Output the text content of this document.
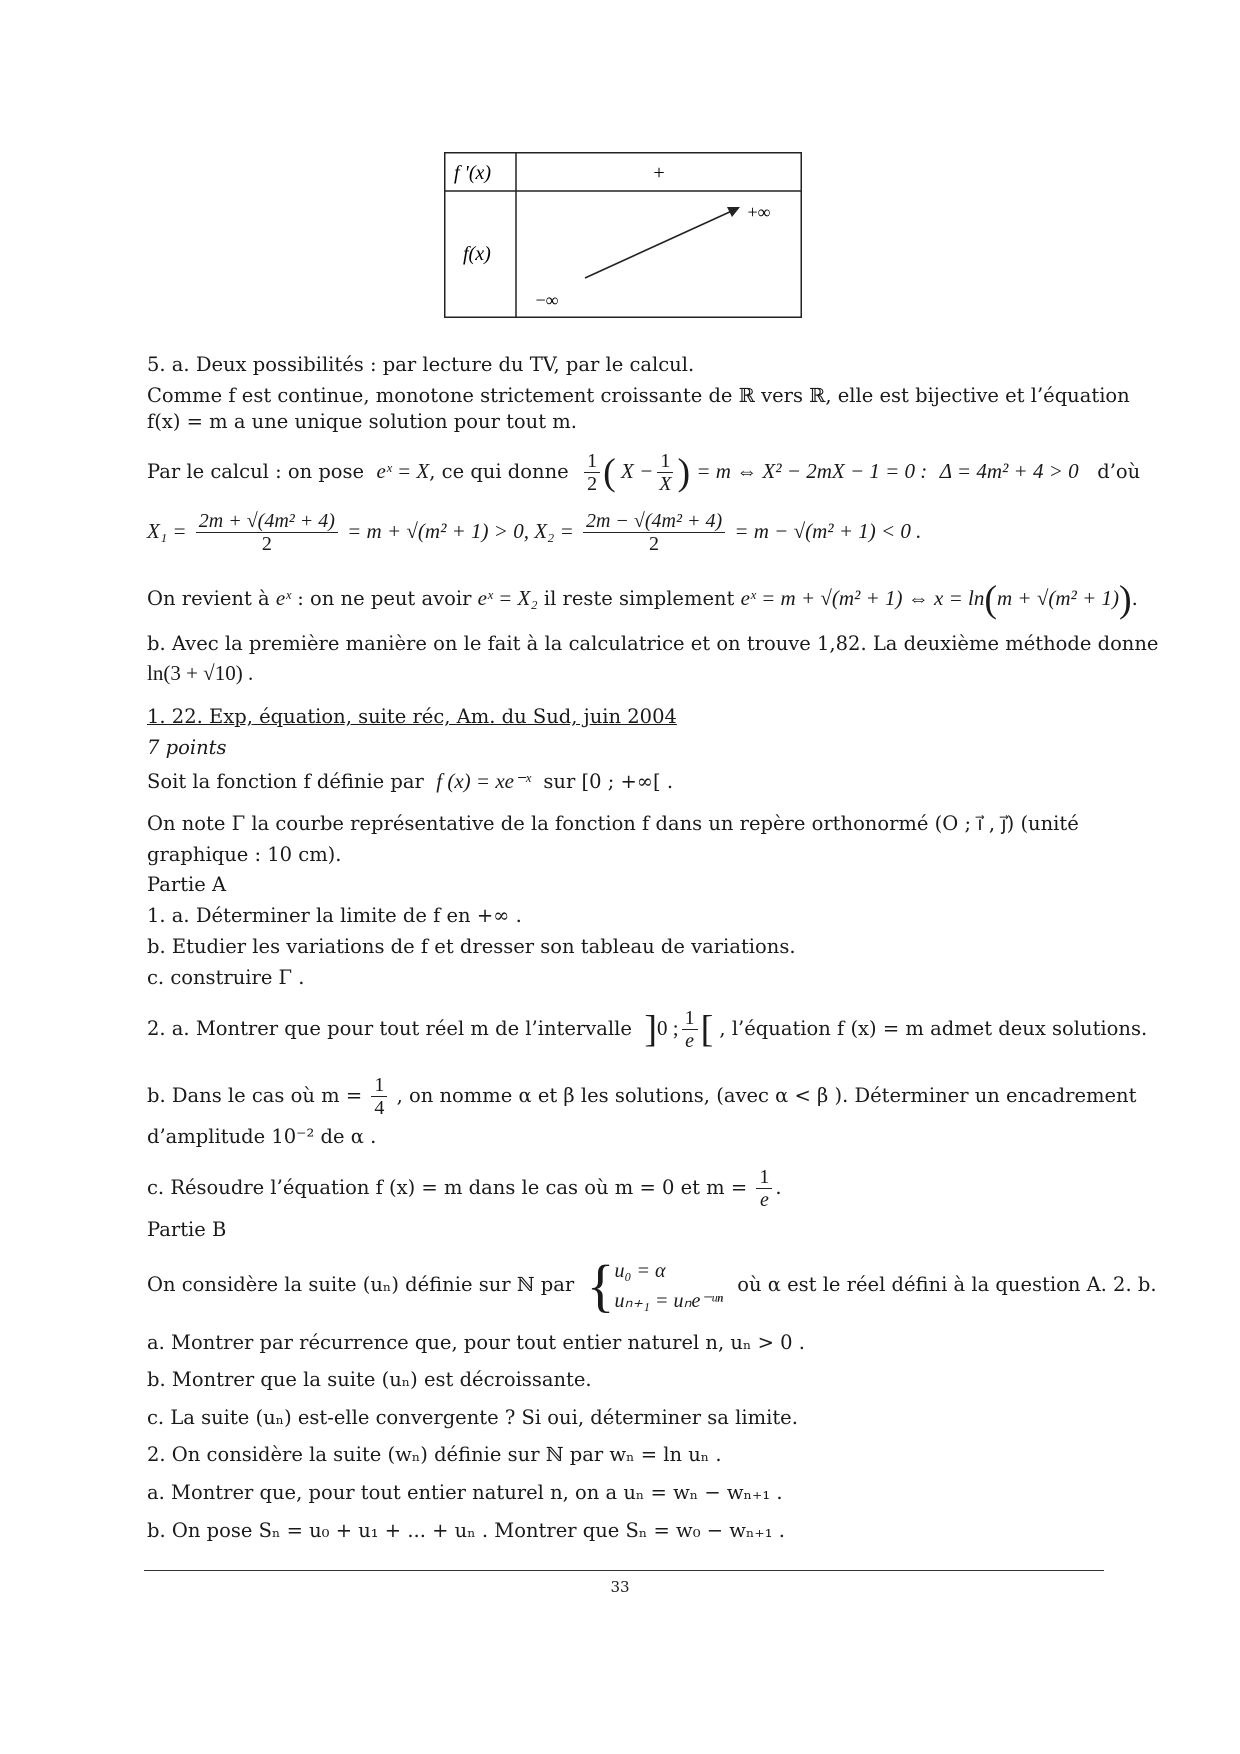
f '(x)	+
f(x)
+∞
−∞
5. a. Deux possibilités : par lecture du TV, par le calcul.
Comme f est continue, monotone strictement croissante de ℝ vers ℝ, elle est bijective et l’équation
f(x) = m a une unique solution pour tout m.
Par le calcul : on pose eˣ = X, ce qui donne $\frac{1}{2}$ ( $X - \frac{1}{X}$ ) = m ⇔ X² − 2mX − 1 = 0 : Δ = 4m² + 4 > 0 d’où
$X_1 = \frac{\text{2m + √(4m² + 4)}}{2} = m + √(m^2 + 1) > 0$, $X_2 = \frac{\text{2m − √(4m² + 4)}}{2} = m - √(m^2 + 1) < 0$ .
On revient à eˣ : on ne peut avoir eˣ = X₂ il reste simplement eˣ = m + √(m² + 1) ⇔ x = ln(m + √(m² + 1)).
b. Avec la première manière on le fait à la calculatrice et on trouve 1,82. La deuxième méthode donne
ln(3 + √10) .
1. 22. Exp, équation, suite réc, Am. du Sud, juin 2004
7 points
Soit la fonction f définie par f (x) = xe⁻ˣ sur [0 ; +∞[ .
On note Γ la courbe représentative de la fonction f dans un repère orthonormé (O ; i⃗ , j⃗) (unité
graphique : 10 cm).
Partie A
1. a. Déterminer la limite de f en +∞ .
b. Etudier les variations de f et dresser son tableau de variations.
c. construire Γ .
2. a. Montrer que pour tout réel m de l’intervalle ]0 ; $\frac{1}{e}$ [ , l’équation f (x) = m admet deux solutions.
b. Dans le cas où $m = \frac{1}{4}$ , on nomme α et β les solutions, (avec α < β ). Déterminer un encadrement
d’amplitude 10⁻² de α .
c. Résoudre l’équation f (x) = m dans le cas où m = 0 et $m = \frac{1}{e}$ .
Partie B
On considère la suite (uₙ) définie sur ℕ par { u₀ = α
uₙ₊₁ = uₙe⁻ᵘⁿ
où α est le réel défini à la question A. 2. b.
a. Montrer par récurrence que, pour tout entier naturel n, uₙ > 0 .
b. Montrer que la suite (uₙ) est décroissante.
c. La suite (uₙ) est-elle convergente ? Si oui, déterminer sa limite.
2. On considère la suite (wₙ) définie sur ℕ par wₙ = ln uₙ .
a. Montrer que, pour tout entier naturel n, on a uₙ = wₙ − wₙ₊₁ .
b. On pose Sₙ = u₀ + u₁ + ... + uₙ . Montrer que Sₙ = w₀ − wₙ₊₁ .
33
